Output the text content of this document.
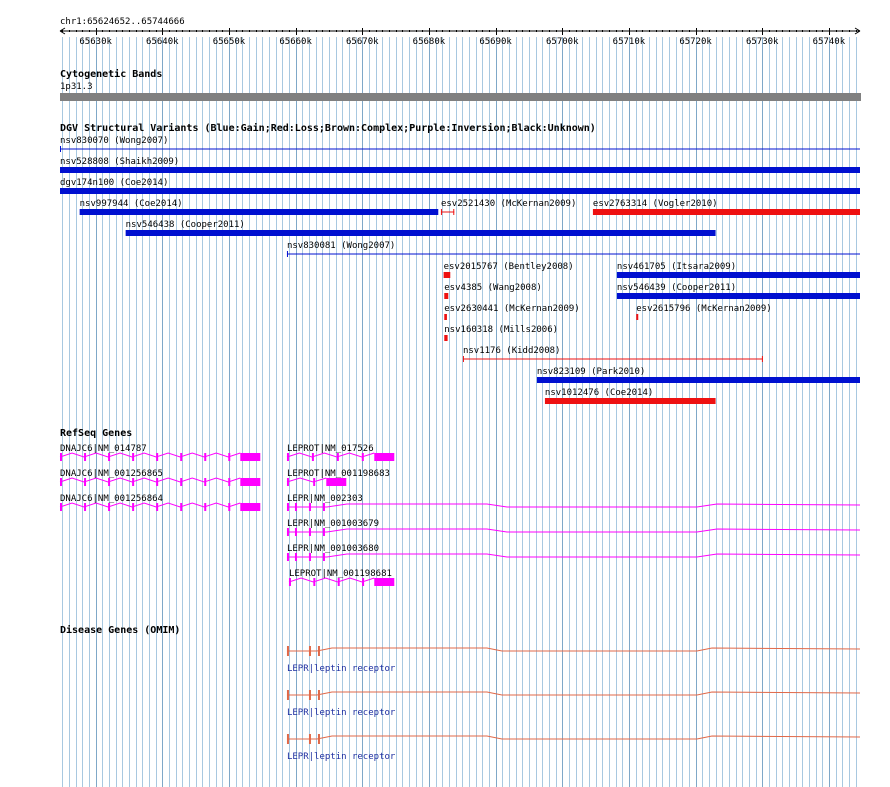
chr1:65624652..65744666
65630k	65640k	65650k	65660k	65670k	65680k	65690k	65700k	65710k	65720k	65730k	65740k
Cytogenetic Bands
1p31.3
DGV Structural Variants (Blue:Gain;Red:Loss;Brown:Complex;Purple:Inversion;Black:Unknown)
nsv830070 (Wong2007)
nsv528808 (Shaikh2009)
dgv174n100 (Coe2014)
nsv997944 (Coe2014)	esv2521430 (McKernan2009) esv2763314 (Vogler2010)
nsv546438 (Cooper2011)
nsv830081 (Wong2007)
esv2015767 (Bentley2008)	nsv461705 (Itsara2009)
esv4385 (Wang2008)	nsv546439 (Cooper2011)
esv2630441 (McKernan2009)	esv2615796 (McKernan2009)
nsv160318 (Mills2006)
nsv1176 (Kidd2008)
nsv823109 (Park2010)
nsv1012476 (Coe2014)
RefSeq Genes
DNAJC6|NM_014787	LEPROT|NM_017526
DNAJC6|NM_001256865	LEPROT|NM_001198683
DNAJC6|NM_001256864	LEPR|NM_002303
LEPR|NM_001003679
LEPR|NM_001003680
LEPROT|NM_001198681
Disease Genes (OMIM)
LEPR|leptin receptor
LEPR|leptin receptor
LEPR|leptin receptor
